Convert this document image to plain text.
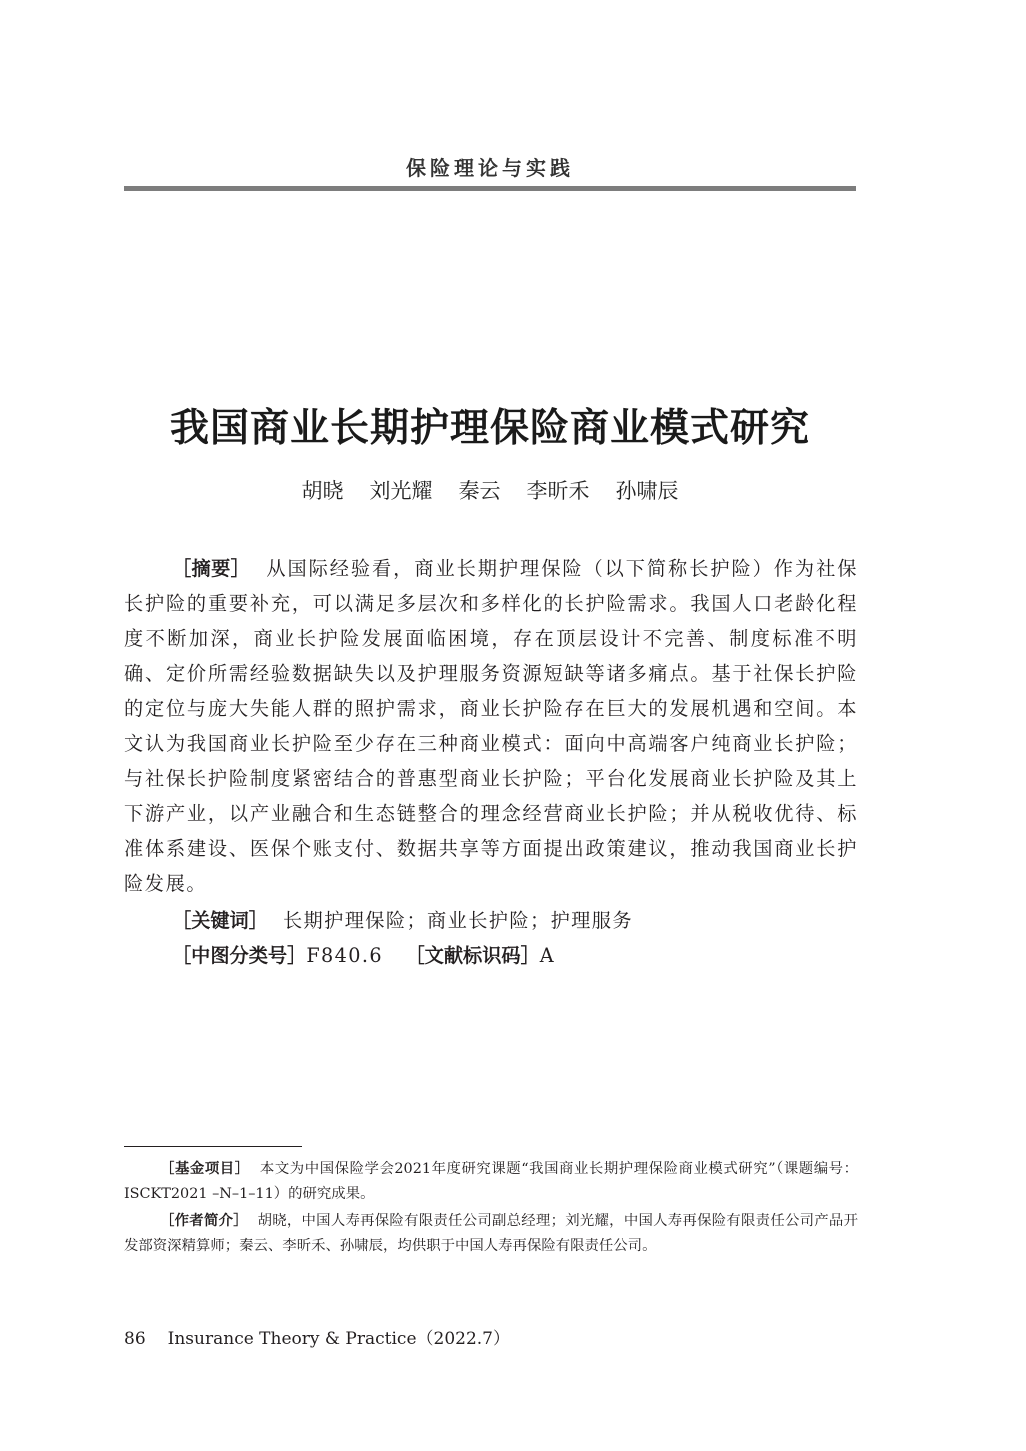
保险理论与实践
我国商业长期护理保险商业模式研究
胡晓 刘光耀 秦云 李昕禾 孙啸辰
［摘要］ 从国际经验看，商业长期护理保险（以下简称长护险）作为社保长护险的重要补充，可以满足多层次和多样化的长护险需求。我国人口老龄化程度不断加深，商业长护险发展面临困境，存在顶层设计不完善、制度标准不明确、定价所需经验数据缺失以及护理服务资源短缺等诸多痛点。基于社保长护险的定位与庞大失能人群的照护需求，商业长护险存在巨大的发展机遇和空间。本文认为我国商业长护险至少存在三种商业模式：面向中高端客户纯商业长护险；与社保长护险制度紧密结合的普惠型商业长护险；平台化发展商业长护险及其上下游产业，以产业融合和生态链整合的理念经营商业长护险；并从税收优待、标准体系建设、医保个账支付、数据共享等方面提出政策建议，推动我国商业长护险发展。
［关键词］ 长期护理保险；商业长护险；护理服务
［中图分类号］F840.6 ［文献标识码］A
［基金项目］ 本文为中国保险学会2021年度研究课题“我国商业长期护理保险商业模式研究”（课题编号：ISCKT2021 –N–1–11）的研究成果。
［作者简介］ 胡晓，中国人寿再保险有限责任公司副总经理；刘光耀，中国人寿再保险有限责任公司产品开发部资深精算师；秦云、李昕禾、孙啸辰，均供职于中国人寿再保险有限责任公司。
86 Insurance Theory & Practice（2022.7）
